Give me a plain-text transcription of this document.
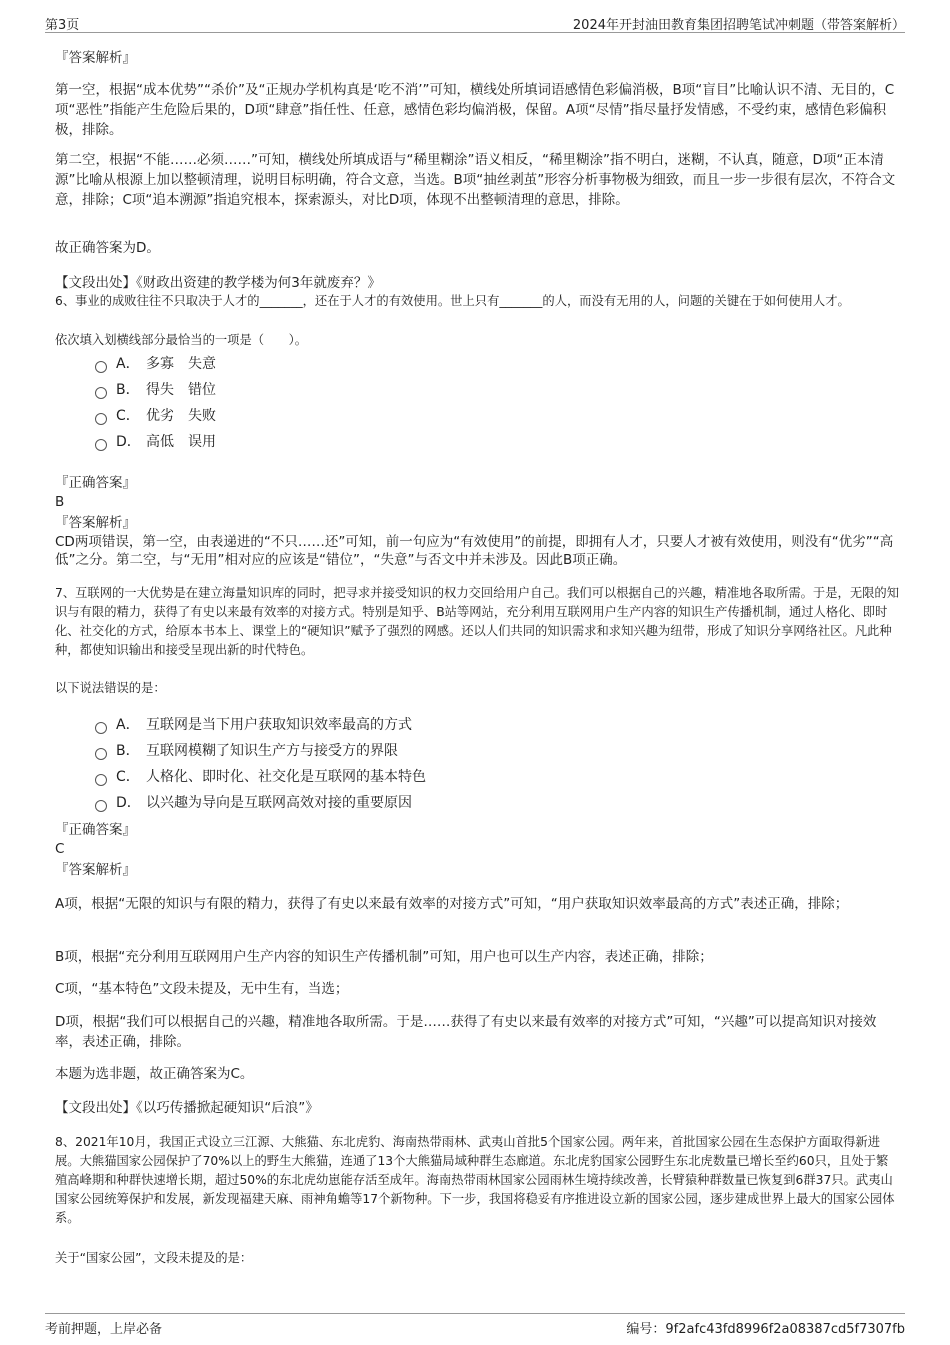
第3页	2024年开封油田教育集团招聘笔试冲刺题（带答案解析）

『答案解析』

第一空，根据“成本优势”“杀价”及“正规办学机构真是‘吃不消’”可知，横线处所填词语感情色彩偏消极，B项“盲目”比喻认识不清、无目的，C项“恶性”指能产生危险后果的，D项“肆意”指任性、任意，感情色彩均偏消极，保留。A项“尽情”指尽量抒发情感，不受约束，感情色彩偏积极，排除。

第二空，根据“不能……必须……”可知，横线处所填成语与“稀里糊涂”语义相反，“稀里糊涂”指不明白，迷糊，不认真，随意，D项“正本清源”比喻从根源上加以整顿清理，说明目标明确，符合文意，当选。B项“抽丝剥茧”形容分析事物极为细致，而且一步一步很有层次，不符合文意，排除；C项“追本溯源”指追究根本，探索源头，对比D项，体现不出整顿清理的意思，排除。

故正确答案为D。

【文段出处】《财政出资建的教学楼为何3年就废弃？》

6、事业的成败往往不只取决于人才的_______，还在于人才的有效使用。世上只有_______的人，而没有无用的人，问题的关键在于如何使用人才。

依次填入划横线部分最恰当的一项是（　　）。

A． 多寡　失意
B． 得失　错位
C． 优劣　失败
D． 高低　误用

『正确答案』

B

『答案解析』

CD两项错误，第一空，由表递进的“不只……还”可知，前一句应为“有效使用”的前提，即拥有人才，只要人才被有效使用，则没有“优劣”“高低”之分。第二空，与“无用”相对应的应该是“错位”，“失意”与否文中并未涉及。因此B项正确。

7、互联网的一大优势是在建立海量知识库的同时，把寻求并接受知识的权力交回给用户自己。我们可以根据自己的兴趣，精准地各取所需。于是，无限的知识与有限的精力，获得了有史以来最有效率的对接方式。特别是知乎、B站等网站，充分利用互联网用户生产内容的知识生产传播机制，通过人格化、即时化、社交化的方式，给原本书本上、课堂上的“硬知识”赋予了强烈的网感。还以人们共同的知识需求和求知兴趣为纽带，形成了知识分享网络社区。凡此种种，都使知识输出和接受呈现出新的时代特色。

以下说法错误的是：

A． 互联网是当下用户获取知识效率最高的方式
B． 互联网模糊了知识生产方与接受方的界限
C． 人格化、即时化、社交化是互联网的基本特色
D． 以兴趣为导向是互联网高效对接的重要原因

『正确答案』

C

『答案解析』

A项，根据“无限的知识与有限的精力，获得了有史以来最有效率的对接方式”可知，“用户获取知识效率最高的方式”表述正确，排除；

B项，根据“充分利用互联网用户生产内容的知识生产传播机制”可知，用户也可以生产内容，表述正确，排除；

C项，“基本特色”文段未提及，无中生有，当选；

D项，根据“我们可以根据自己的兴趣，精准地各取所需。于是……获得了有史以来最有效率的对接方式”可知，“兴趣”可以提高知识对接效率，表述正确，排除。

本题为选非题，故正确答案为C。

【文段出处】《以巧传播掀起硬知识“后浪”》

8、2021年10月，我国正式设立三江源、大熊猫、东北虎豹、海南热带雨林、武夷山首批5个国家公园。两年来，首批国家公园在生态保护方面取得新进展。大熊猫国家公园保护了70%以上的野生大熊猫，连通了13个大熊猫局域种群生态廊道。东北虎豹国家公园野生东北虎数量已增长至约60只，且处于繁殖高峰期和种群快速增长期，超过50%的东北虎幼崽能存活至成年。海南热带雨林国家公园雨林生境持续改善，长臂猿种群数量已恢复到6群37只。武夷山国家公园统筹保护和发展，新发现福建天麻、雨神角蟾等17个新物种。下一步，我国将稳妥有序推进设立新的国家公园，逐步建成世界上最大的国家公园体系。

关于“国家公园”，文段未提及的是：

考前押题，上岸必备	编号：9f2afc43fd8996f2a08387cd5f7307fb
